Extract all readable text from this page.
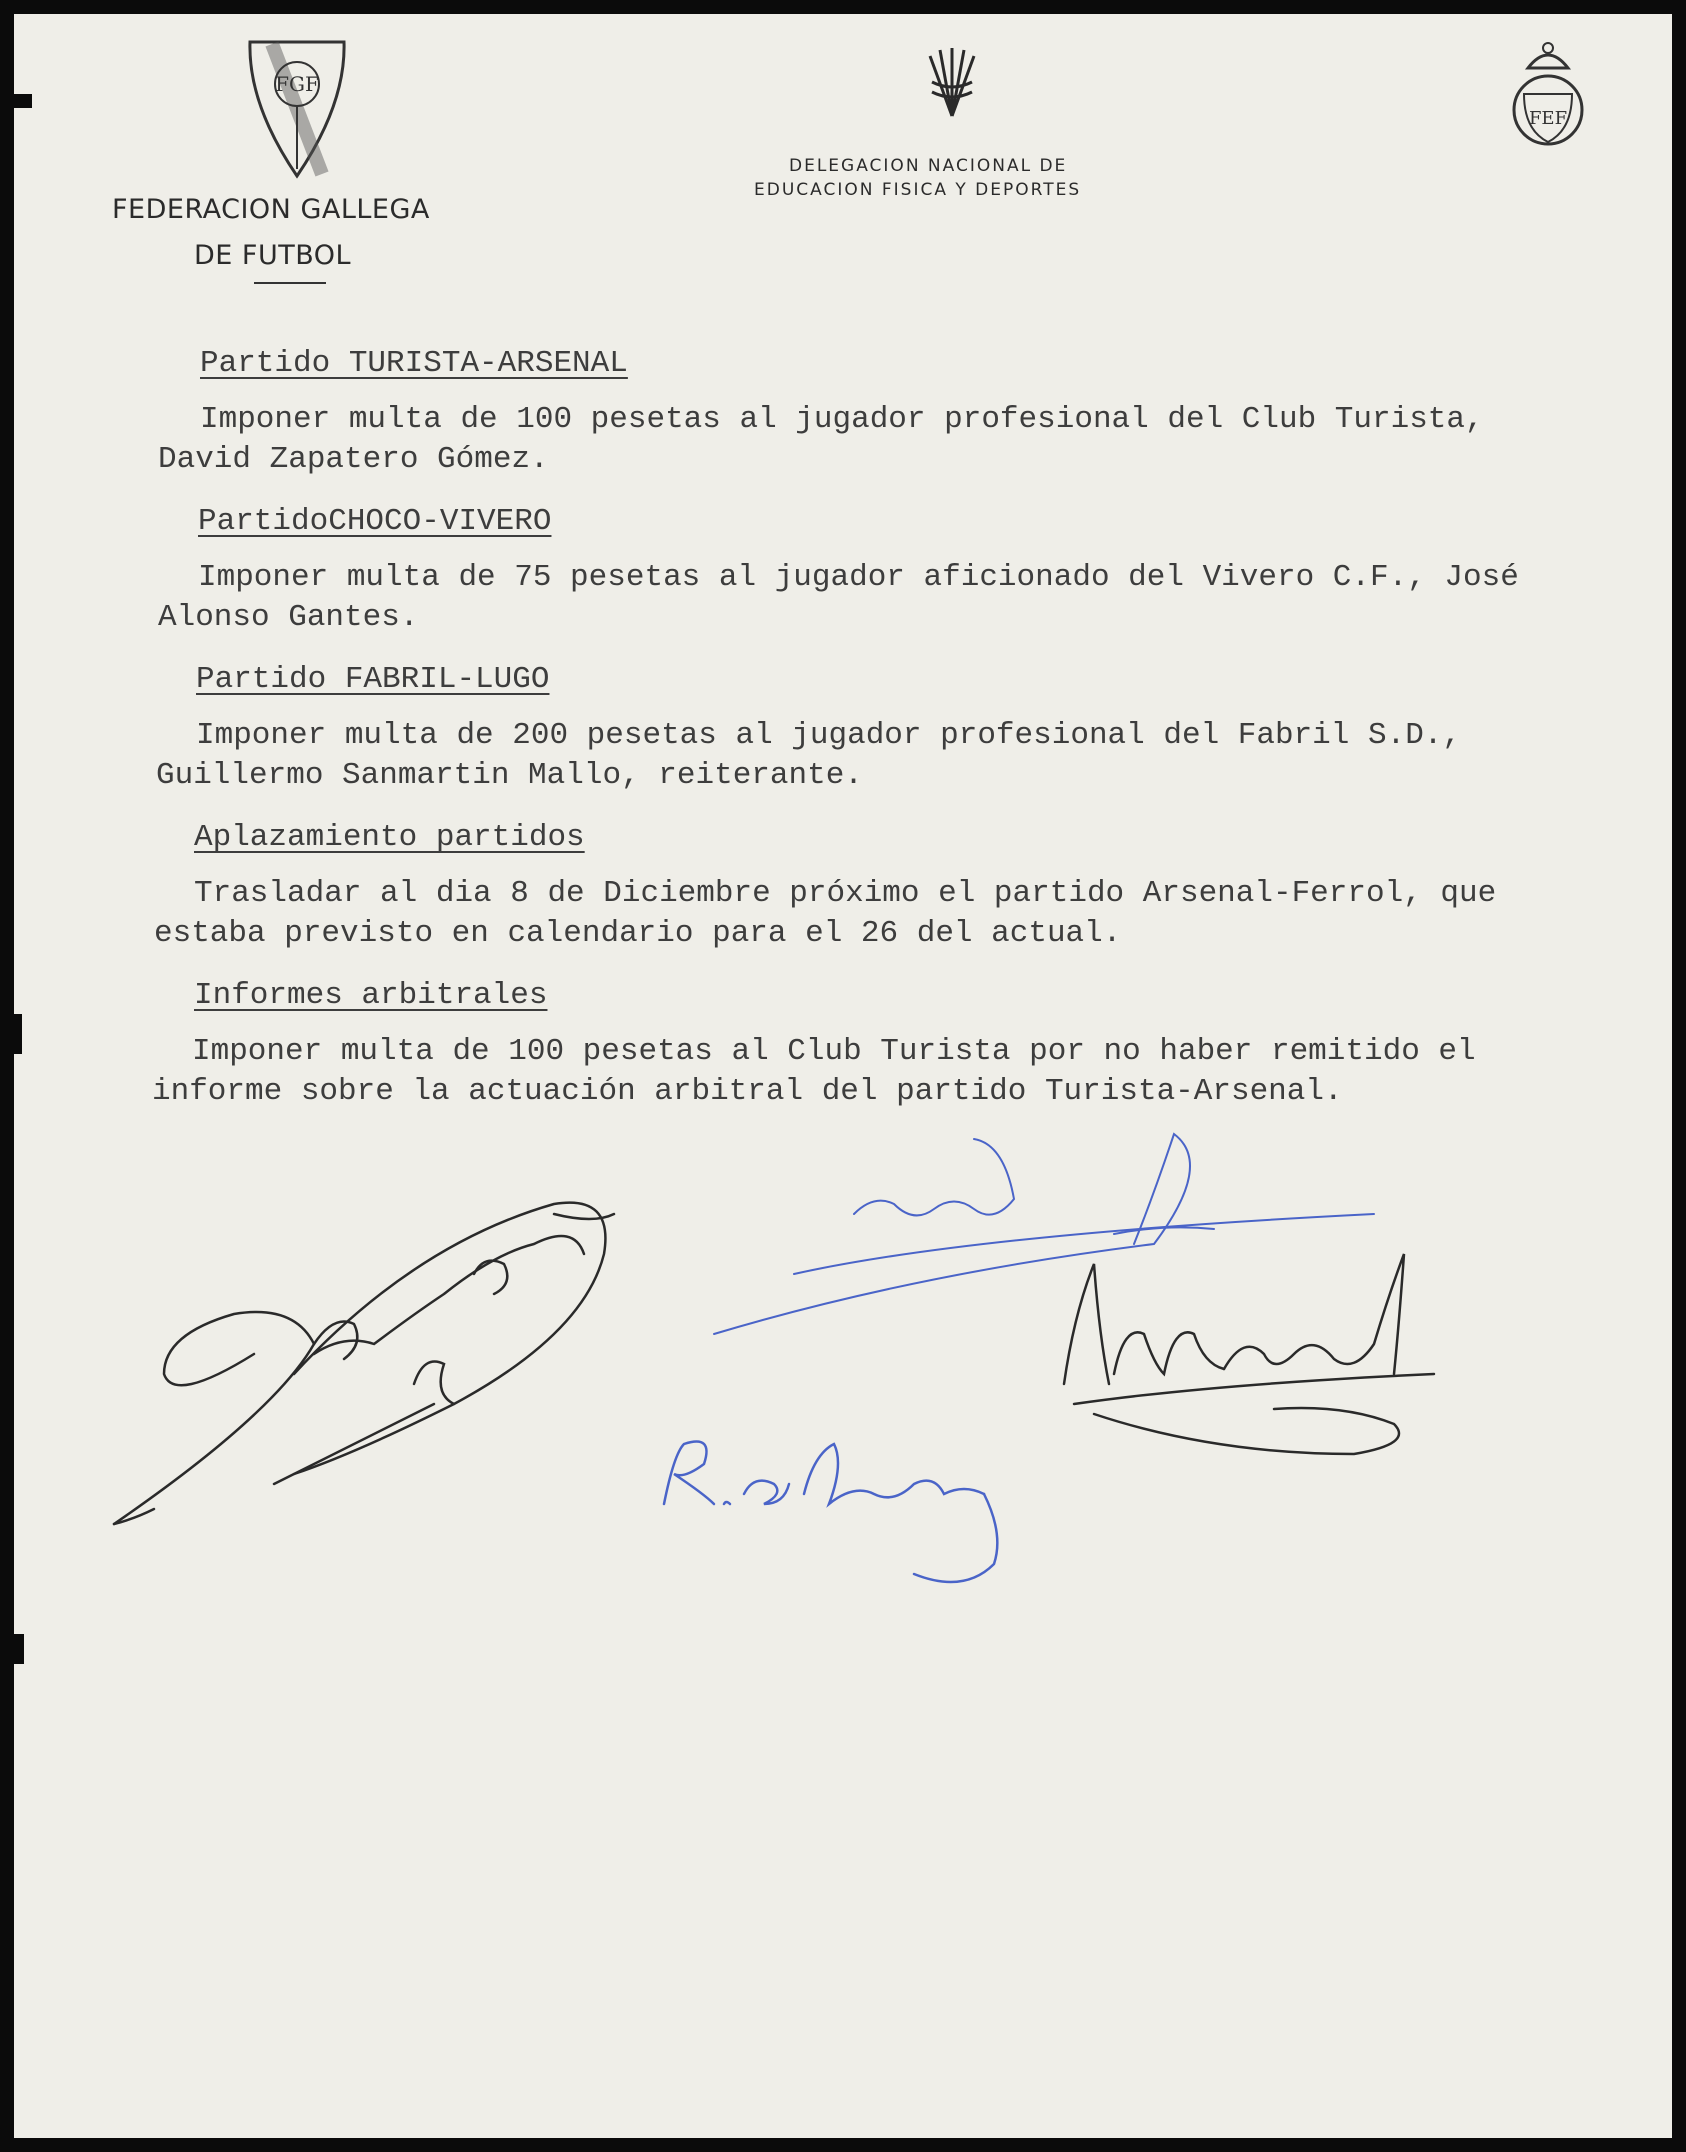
FGF
FEF
FEDERACION GALLEGA
DE FUTBOL
DELEGACION NACIONAL DE
EDUCACION FISICA Y DEPORTES
Partido TURISTA-ARSENAL
Imponer multa de 100 pesetas al jugador profesional del Club Turista,
David Zapatero Gómez.
PartidoCHOCO-VIVERO
Imponer multa de 75 pesetas al jugador aficionado del Vivero C.F., José
Alonso Gantes.
Partido FABRIL-LUGO
Imponer multa de 200 pesetas al jugador profesional del Fabril S.D.,
Guillermo Sanmartin Mallo, reiterante.
Aplazamiento partidos
Trasladar al dia 8 de Diciembre próximo el partido Arsenal-Ferrol, que
estaba previsto en calendario para el 26 del actual.
Informes arbitrales
Imponer multa de 100 pesetas al Club Turista por no haber remitido el
informe sobre la actuación arbitral del partido Turista-Arsenal.
